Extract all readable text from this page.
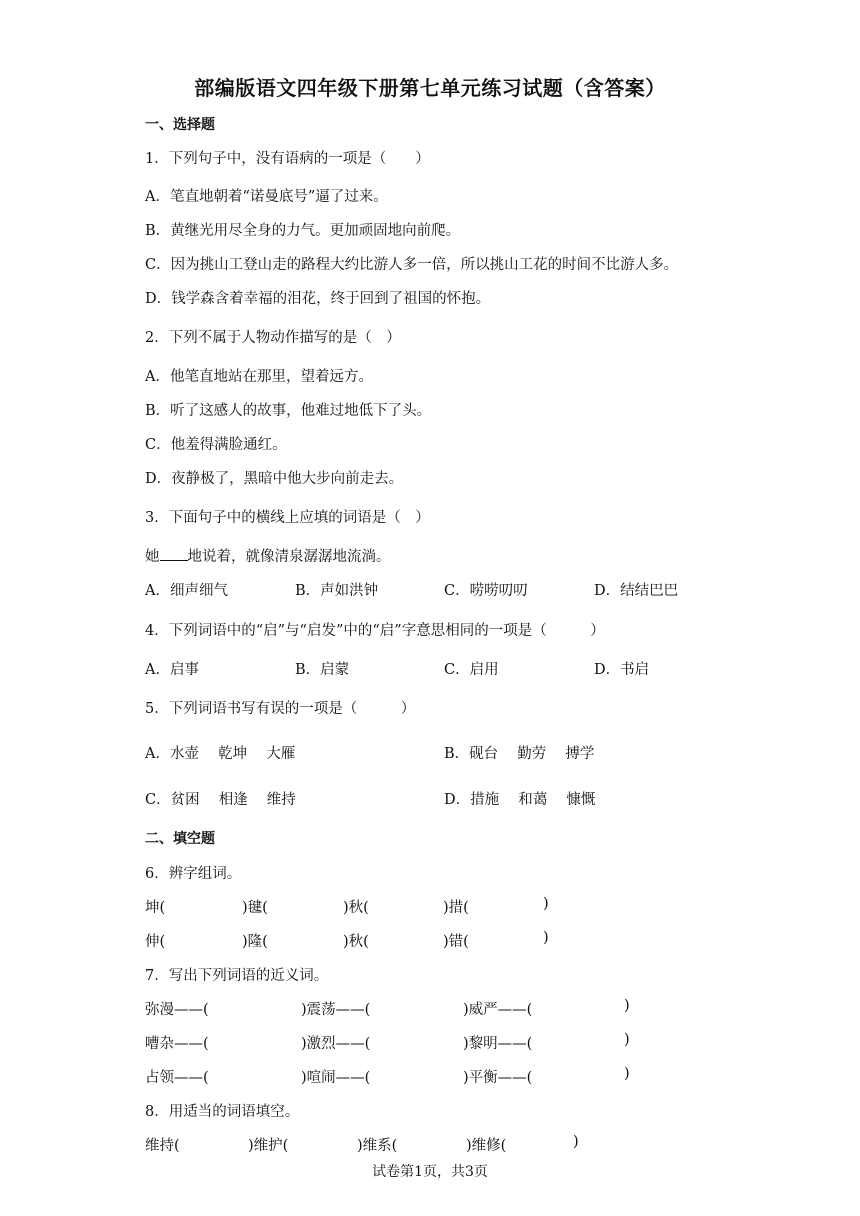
部编版语文四年级下册第七单元练习试题（含答案）
一、选择题
1．下列句子中，没有语病的一项是（　　）
A．笔直地朝着“诺曼底号”逼了过来。
B．黄继光用尽全身的力气。更加顽固地向前爬。
C．因为挑山工登山走的路程大约比游人多一倍，所以挑山工花的时间不比游人多。
D．钱学森含着幸福的泪花，终于回到了祖国的怀抱。
2．下列不属于人物动作描写的是（　）
A．他笔直地站在那里，望着远方。
B．听了这感人的故事，他难过地低下了头。
C．他羞得满脸通红。
D．夜静极了，黑暗中他大步向前走去。
3．下面句子中的横线上应填的词语是（　）
她 地说着，就像清泉潺潺地流淌。
A．细声细气	B．声如洪钟	C．唠唠叨叨	D．结结巴巴
4．下列词语中的“启”与“启发”中的“启”字意思相同的一项是（　　　）
A．启事	B．启蒙	C．启用	D．书启
5．下列词语书写有误的一项是（　　　）
A．水壶　 乾坤　 大雁	B．砚台　 勤劳　 搏学
C．贫困　 相逢　 维持	D．措施　 和蔼　 慷慨
二、填空题
6．辨字组词。
坤(	)毽(	)秋(	)措(	)
伸(	)隆(	)秋(	)错(	)
7．写出下列词语的近义词。
弥漫——(	)震荡——(	)威严——(	)
嘈杂——(	)激烈——(	)黎明——(	)
占领——(	)喧闹——(	)平衡——(	)
8．用适当的词语填空。
维持(	)维护(	)维系(	)维修(	)
试卷第1页，共3页
